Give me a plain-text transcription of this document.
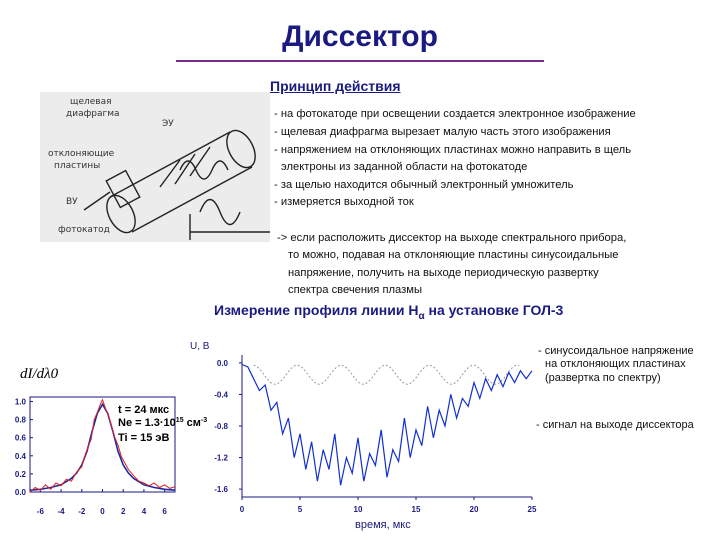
Диссектор
Принцип действия
щелевая
диафрагма
ЭУ
отклоняющие
пластины
ВУ
фотокатод
- на фотокатоде при освещении создается электронное изображение
- щелевая диафрагма вырезает малую часть этого изображения
- напряжением на отклоняющих пластинах можно направить в щель
электроны из заданной области на фотокатоде
- за щелью находится обычный электронный умножитель
- измеряется выходной ток
-> если расположить диссектор на выходе спектрального прибора,
то можно, подавая на отклоняющие пластины синусоидальные
напряжение, получить на выходе периодическую развертку
спектра свечения плазмы
Измерение профиля линии $H_\alpha$ на установке ГОЛ-3
dI/dλ0
1.0
0.8
0.6
0.4
0.2
0.0
-6 -4 -2 0 2 4 6
t = 24 мкс
$Ne = 1.3\cdot 10^{15}$ $см^{-3}$
Ti = 15 эВ
U, B
время, мкс
0.0
-0.4
-0.8
-1.2
-1.6
0	5	10	15	20	25
- синусоидальное напряжение
на отклоняющих пластинах
(развертка по спектру)
- сигнал на выходе диссектора
